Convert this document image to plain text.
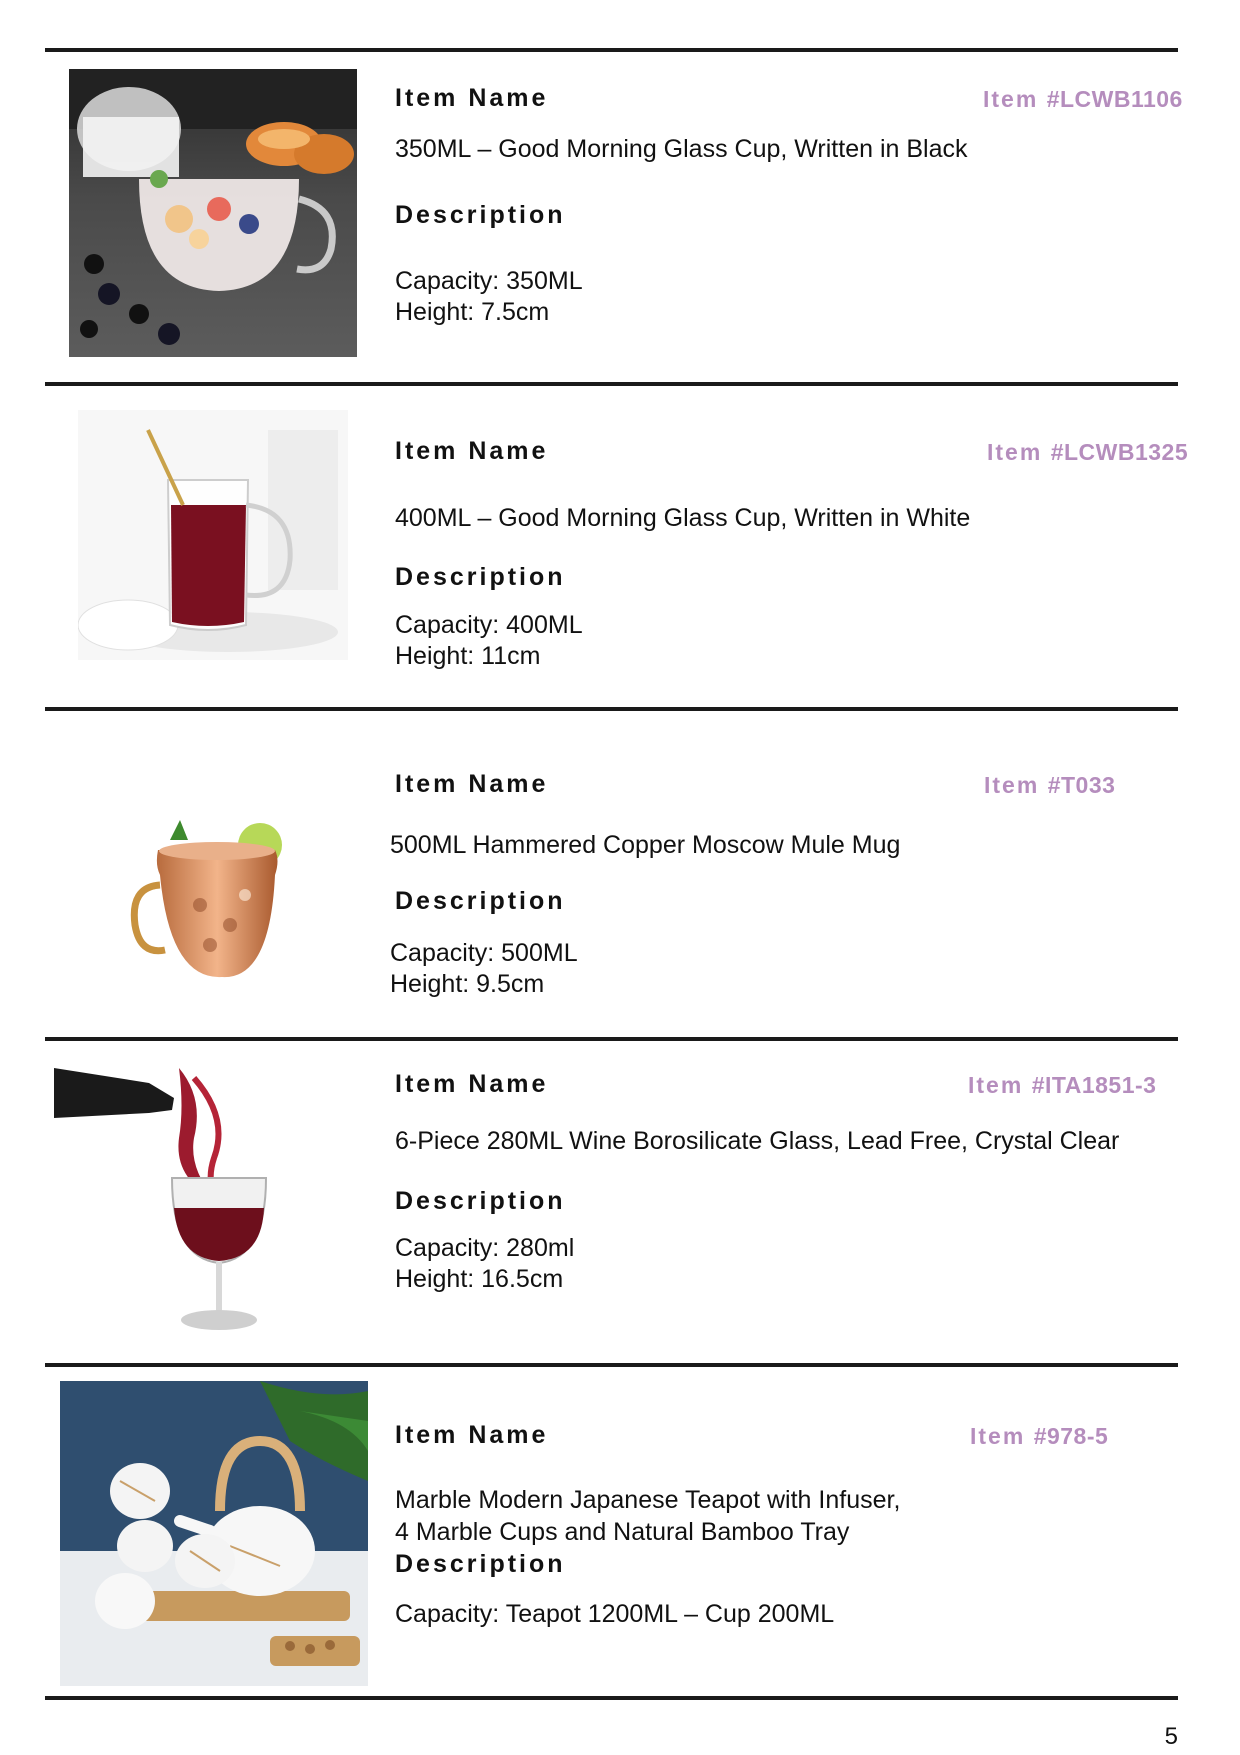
Item Name	Item #LCWB1106
350ML – Good Morning Glass Cup, Written in Black
Description
Capacity: 350ML
Height: 7.5cm
Item Name	Item #LCWB1325
400ML – Good Morning Glass Cup, Written in White
Description
Capacity: 400ML
Height: 11cm
Item Name	Item #T033
500ML Hammered Copper Moscow Mule Mug
Description
Capacity: 500ML
Height: 9.5cm
Item Name	Item #ITA1851-3
6-Piece 280ML Wine Borosilicate Glass, Lead Free, Crystal Clear
Description
Capacity: 280ml
Height: 16.5cm
Item Name	Item #978-5
Marble Modern Japanese Teapot with Infuser,
4 Marble Cups and Natural Bamboo Tray
Description
Capacity: Teapot 1200ML – Cup 200ML
5
